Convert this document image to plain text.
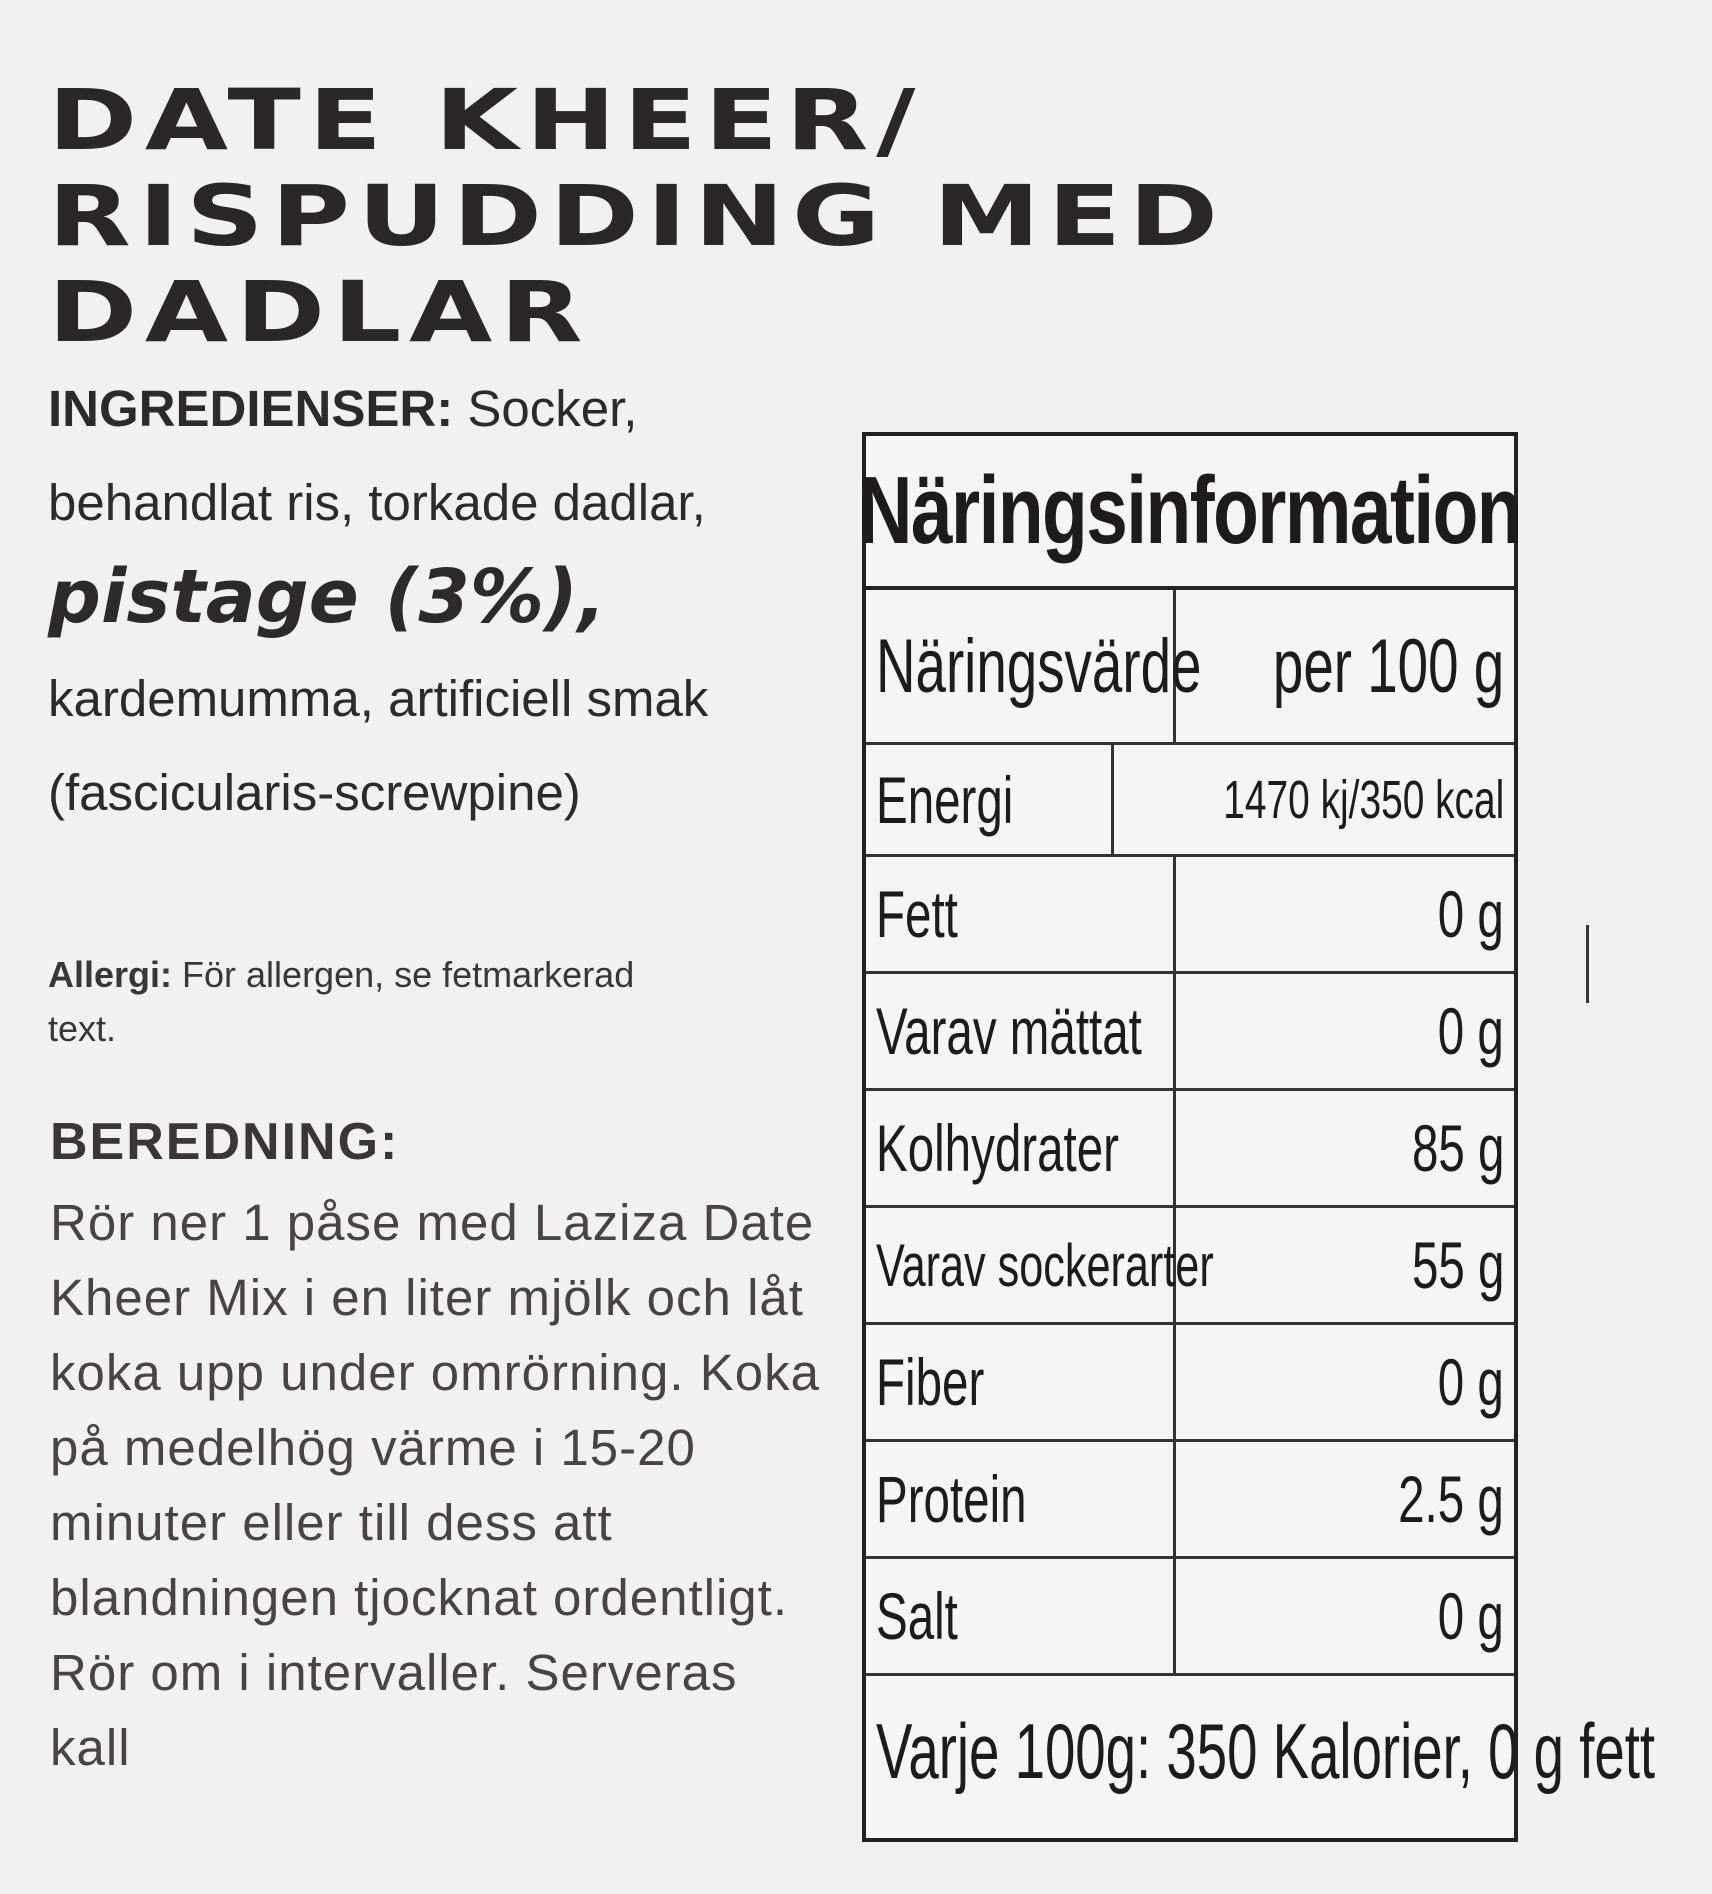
DATE KHEER/
RISPUDDING MED
DADLAR
INGREDIENSER: Socker, behandlat ris, torkade dadlar, pistage (3%), kardemumma, artificiell smak (fascicularis-screwpine)
Allergi: För allergen, se fetmarkerad text.
BEREDNING:
Rör ner 1 påse med Laziza Date Kheer Mix i en liter mjölk och låt koka upp under omrörning. Koka på medelhög värme i 15-20 minuter eller till dess att blandningen tjocknat ordentligt. Rör om i intervaller. Serveras kall
Näringsinformation
Näringsvärde per 100 g
Energi	1470 kj/350 kcal
Fett	0 g
Varav mättat	0 g
Kolhydrater	85 g
Varav sockerarter	55 g
Fiber	0 g
Protein	2.5 g
Salt	0 g
Varje 100g: 350 Kalorier, 0 g fett
